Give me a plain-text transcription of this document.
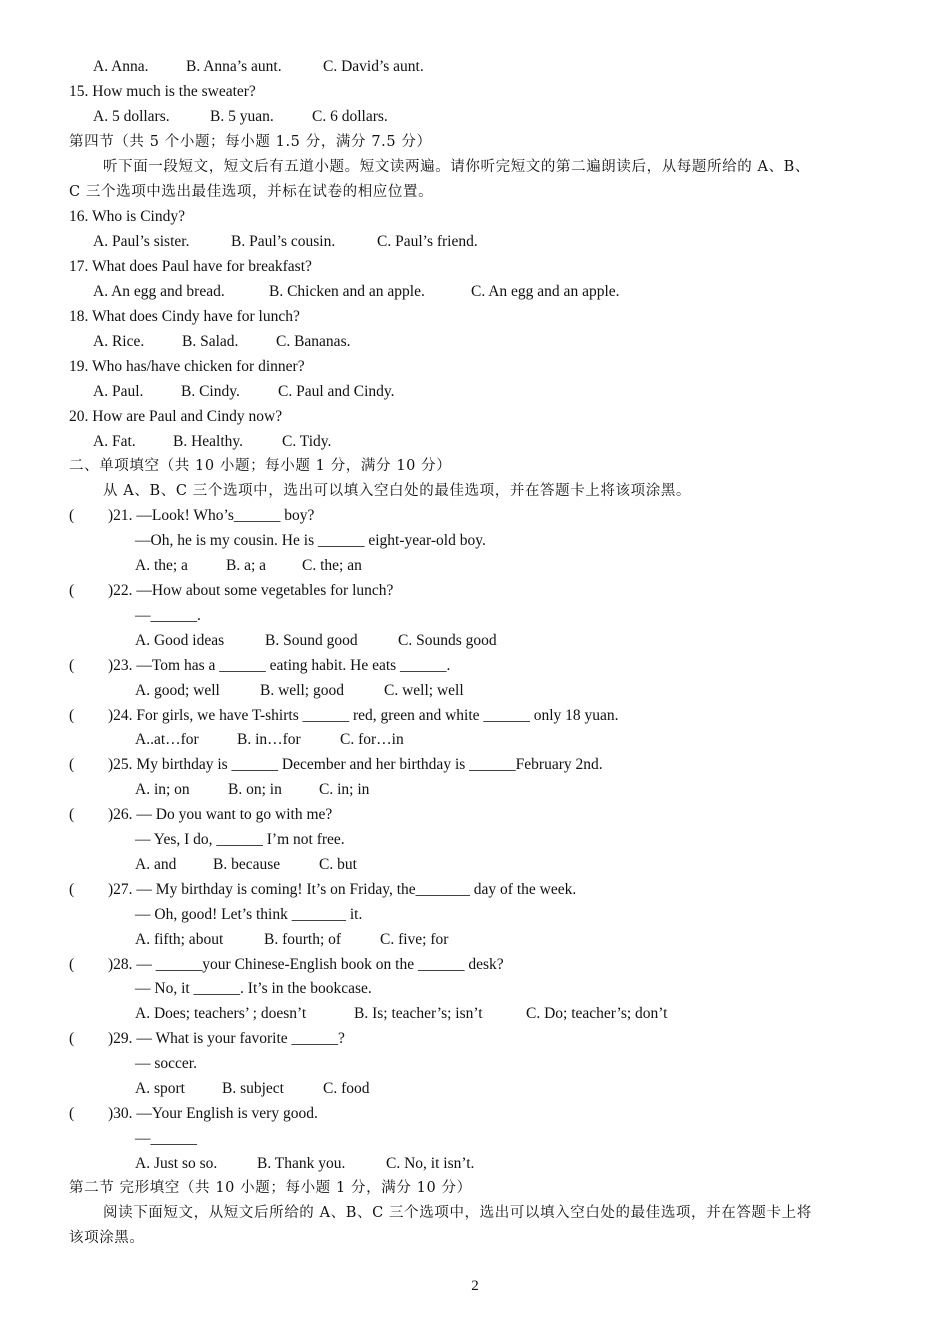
A. Anna. B. Anna’s aunt.	C. David’s aunt.
15. How much is the sweater?
A. 5 dollars.	B. 5 yuan. C. 6 dollars.
第四节（共 5 个小题；每小题 1.5 分，满分 7.5 分）
听下面一段短文，短文后有五道小题。短文读两遍。请你听完短文的第二遍朗读后，从每题所给的 A、B、
C 三个选项中选出最佳选项，并标在试卷的相应位置。
16. Who is Cindy?
A. Paul’s sister.	B. Paul’s cousin.	C. Paul’s friend.
17. What does Paul have for breakfast?
A. An egg and bread.	B. Chicken and an apple.	C. An egg and an apple.
18. What does Cindy have for lunch?
A. Rice. B. Salad. C. Bananas.
19. Who has/have chicken for dinner?
A. Paul. B. Cindy. C. Paul and Cindy.
20. How are Paul and Cindy now?
A. Fat. B. Healthy.	C. Tidy.
二、单项填空（共 10 小题；每小题 1 分，满分 10 分）
从 A、B、C 三个选项中，选出可以填入空白处的最佳选项，并在答题卡上将该项涂黑。
( )21. —Look! Who’s______ boy?
—Oh, he is my cousin. He is ______ eight-year-old boy.
A. the; a B. a; a C. the; an
( )22. —How about some vegetables for lunch?
—______.
A. Good ideas	B. Sound good	C. Sounds good
( )23. —Tom has a ______ eating habit. He eats ______.
A. good; well	B. well; good	C. well; well
( )24. For girls, we have T-shirts ______ red, green and white ______ only 18 yuan.
A..at…for B. in…for	C. for…in
( )25. My birthday is ______ December and her birthday is ______February 2nd.
A. in; on B. on; in C. in; in
( )26. — Do you want to go with me?
— Yes, I do, ______ I’m not free.
A. and B. because	C. but
( )27. — My birthday is coming! It’s on Friday, the_______ day of the week.
— Oh, good! Let’s think _______ it.
A. fifth; about	B. fourth; of	C. five; for
( )28. — ______your Chinese-English book on the ______ desk?
— No, it ______. It’s in the bookcase.
A. Does; teachers’ ; doesn’t	B. Is; teacher’s; isn’t	C. Do; teacher’s; don’t
( )29. — What is your favorite ______?
— soccer.
A. sport B. subject	C. food
( )30. —Your English is very good.
—______
A. Just so so.	B. Thank you.	C. No, it isn’t.
第二节 完形填空（共 10 小题；每小题 1 分，满分 10 分）
阅读下面短文，从短文后所给的 A、B、C 三个选项中，选出可以填入空白处的最佳选项，并在答题卡上将
该项涂黑。
2
